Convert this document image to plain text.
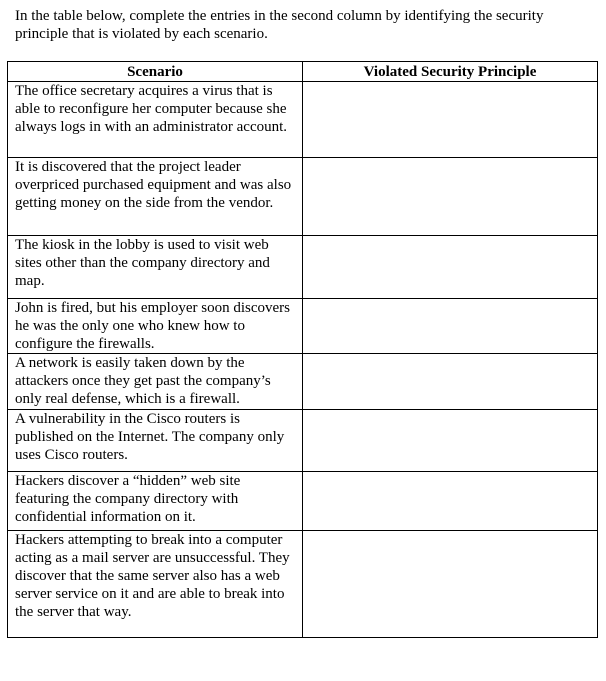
In the table below, complete the entries in the second column by identifying the security principle that is violated by each scenario.

Scenario	Violated Security Principle
The office secretary acquires a virus that is able to reconfigure her computer because she always logs in with an administrator account.	
It is discovered that the project leader overpriced purchased equipment and was also getting money on the side from the vendor.	
The kiosk in the lobby is used to visit web sites other than the company directory and map.	
John is fired, but his employer soon discovers he was the only one who knew how to configure the firewalls.	
A network is easily taken down by the attackers once they get past the company’s only real defense, which is a firewall.	
A vulnerability in the Cisco routers is published on the Internet. The company only uses Cisco routers.	
Hackers discover a “hidden” web site featuring the company directory with confidential information on it.	
Hackers attempting to break into a computer acting as a mail server are unsuccessful. They discover that the same server also has a web server service on it and are able to break into the server that way.	
